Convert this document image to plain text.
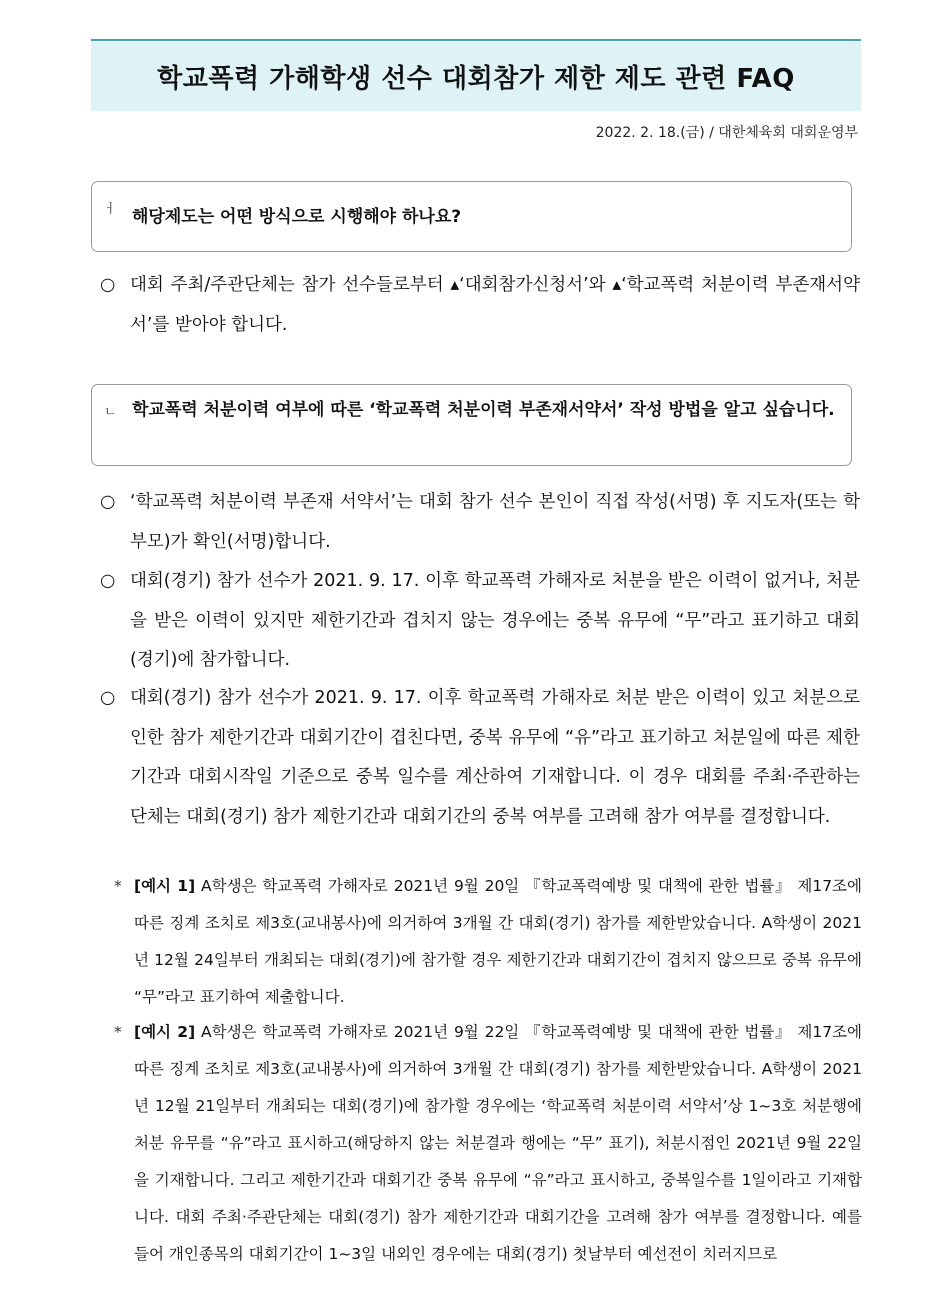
학교폭력 가해학생 선수 대회참가 제한 제도 관련 FAQ
2022. 2. 18.(금) / 대한체육회 대회운영부
ㅓ 해당제도는 어떤 방식으로 시행해야 하나요?
○ 대회 주최/주관단체는 참가 선수들로부터 ▴‘대회참가신청서’와 ▴‘학교폭력 처분이력 부존재서약서’를 받아야 합니다.
ㄴ 학교폭력 처분이력 여부에 따른 ‘학교폭력 처분이력 부존재서약서’ 작성 방법을 알고 싶습니다.
○ ‘학교폭력 처분이력 부존재 서약서’는 대회 참가 선수 본인이 직접 작성(서명) 후 지도자(또는 학부모)가 확인(서명)합니다.
○ 대회(경기) 참가 선수가 2021. 9. 17. 이후 학교폭력 가해자로 처분을 받은 이력이 없거나, 처분을 받은 이력이 있지만 제한기간과 겹치지 않는 경우에는 중복 유무에 “무”라고 표기하고 대회(경기)에 참가합니다.
○ 대회(경기) 참가 선수가 2021. 9. 17. 이후 학교폭력 가해자로 처분 받은 이력이 있고 처분으로 인한 참가 제한기간과 대회기간이 겹친다면, 중복 유무에 “유”라고 표기하고 처분일에 따른 제한기간과 대회시작일 기준으로 중복 일수를 계산하여 기재합니다. 이 경우 대회를 주최·주관하는 단체는 대회(경기) 참가 제한기간과 대회기간의 중복 여부를 고려해 참가 여부를 결정합니다.
* [예시 1] A학생은 학교폭력 가해자로 2021년 9월 20일 『학교폭력예방 및 대책에 관한 법률』 제17조에 따른 징계 조치로 제3호(교내봉사)에 의거하여 3개월 간 대회(경기) 참가를 제한받았습니다. A학생이 2021년 12월 24일부터 개최되는 대회(경기)에 참가할 경우 제한기간과 대회기간이 겹치지 않으므로 중복 유무에 “무”라고 표기하여 제출합니다.
* [예시 2] A학생은 학교폭력 가해자로 2021년 9월 22일 『학교폭력예방 및 대책에 관한 법률』 제17조에 따른 징계 조치로 제3호(교내봉사)에 의거하여 3개월 간 대회(경기) 참가를 제한받았습니다. A학생이 2021년 12월 21일부터 개최되는 대회(경기)에 참가할 경우에는 ‘학교폭력 처분이력 서약서’상 1~3호 처분행에 처분 유무를 “유”라고 표시하고(해당하지 않는 처분결과 행에는 “무” 표기), 처분시점인 2021년 9월 22일을 기재합니다. 그리고 제한기간과 대회기간 중복 유무에 “유”라고 표시하고, 중복일수를 1일이라고 기재합니다. 대회 주최·주관단체는 대회(경기) 참가 제한기간과 대회기간을 고려해 참가 여부를 결정합니다. 예를 들어 개인종목의 대회기간이 1~3일 내외인 경우에는 대회(경기) 첫날부터 예선전이 치러지므로
